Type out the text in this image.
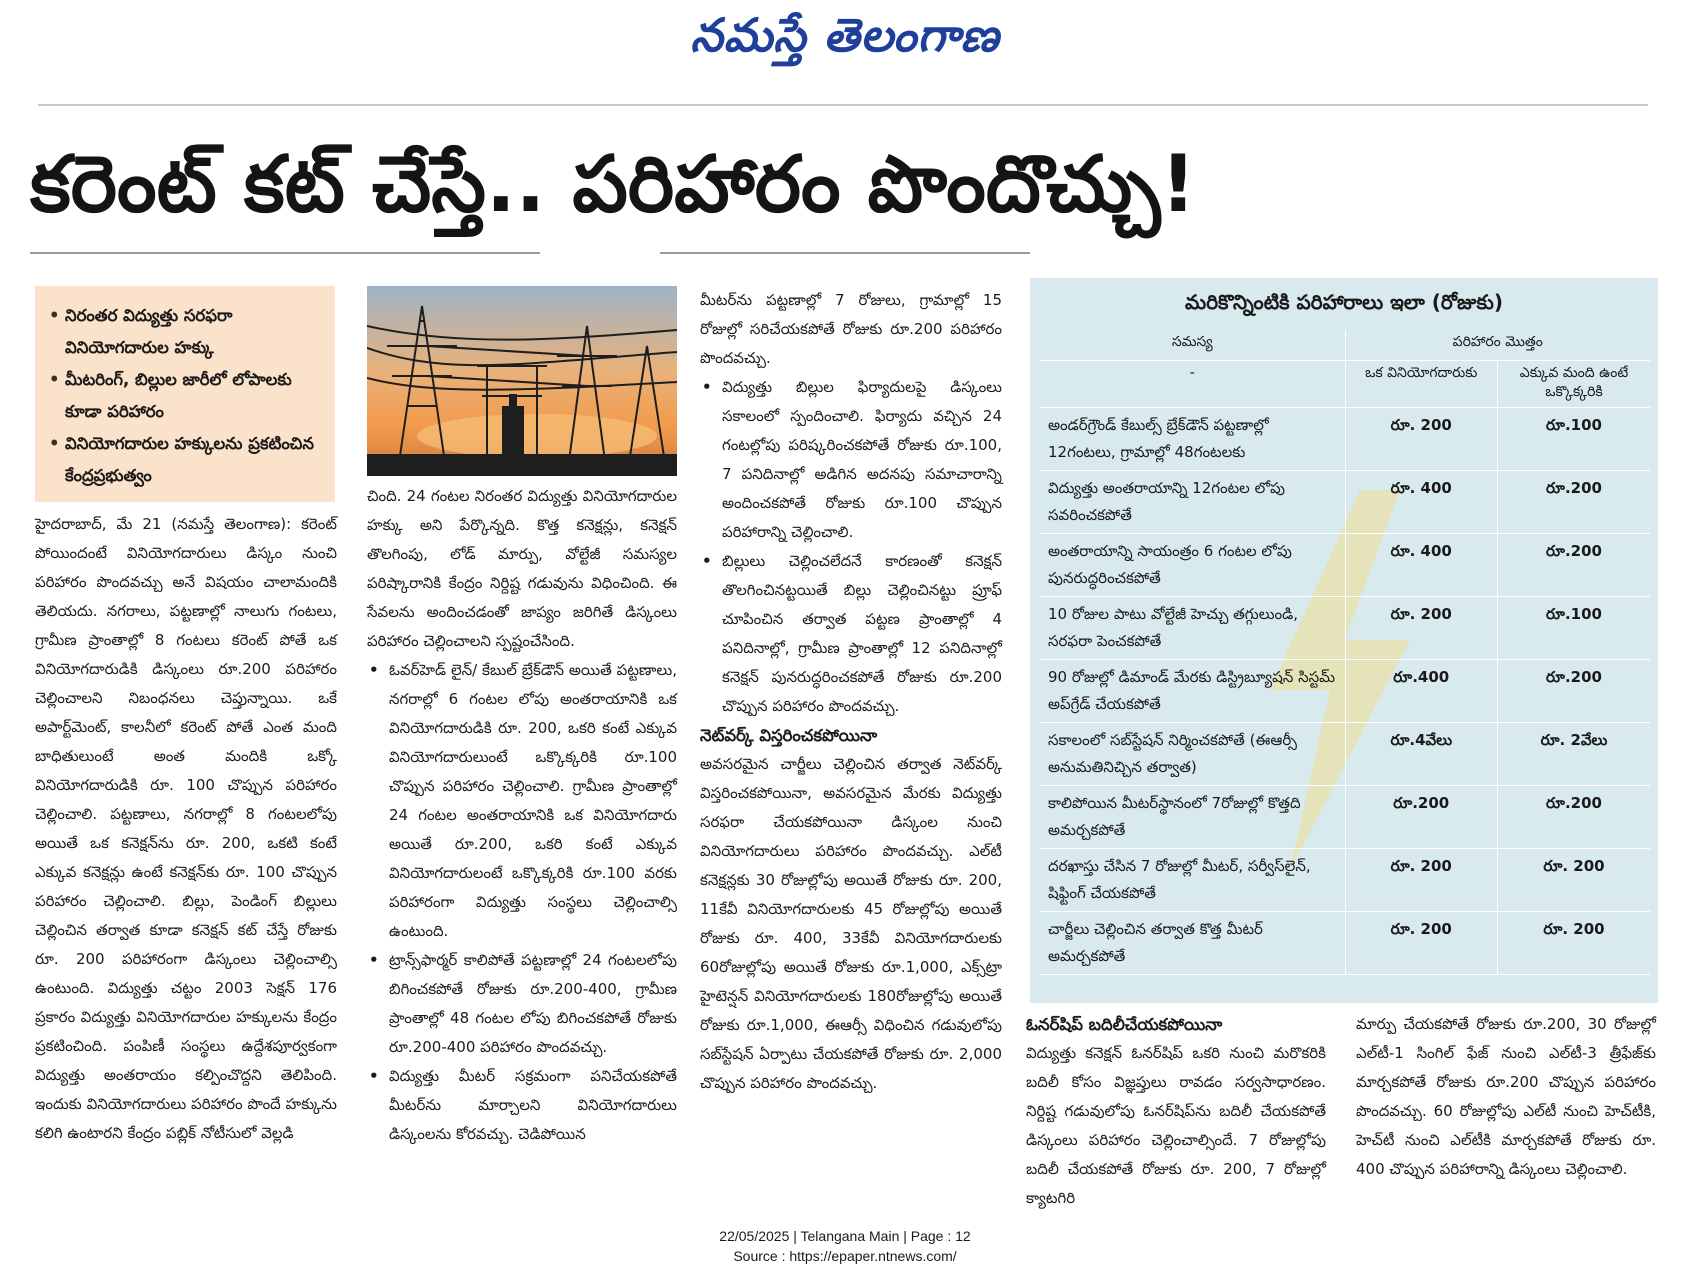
నమస్తే తెలంగాణ
కరెంట్ కట్ చేస్తే.. పరిహారం పొందొచ్చు!
• నిరంతర విద్యుత్తు సరఫరా వినియోగదారుల హక్కు
• మీటరింగ్, బిల్లుల జారీలో లోపాలకు కూడా పరిహారం
• వినియోగదారుల హక్కులను ప్రకటించిన కేంద్రప్రభుత్వం

హైదరాబాద్, మే 21 (నమస్తే తెలంగాణ): కరెంట్ పోయిందంటే వినియోగదారులు డిస్కం నుంచి పరిహారం పొందవచ్చు అనే విషయం చాలామందికి తెలియదు. నగరాలు, పట్టణాల్లో నాలుగు గంటలు, గ్రామీణ ప్రాంతాల్లో 8 గంటలు కరెంట్ పోతే ఒక వినియోగదారుడికి డిస్కంలు రూ.200 పరిహారం చెల్లించాలని నిబంధనలు చెప్తున్నాయి. ఒకే అపార్ట్‌మెంట్, కాలనీలో కరెంట్ పోతే ఎంత మంది బాధితులుంటే అంత మందికి ఒక్కో వినియోగదారుడికి రూ. 100 చొప్పున పరిహారం చెల్లించాలి. పట్టణాలు, నగరాల్లో 8 గంటలలోపు అయితే ఒక కనెక్షన్‌ను రూ. 200, ఒకటి కంటే ఎక్కువ కనెక్షన్లు ఉంటే కనెక్షన్‌కు రూ. 100 చొప్పున పరిహారం చెల్లించాలి. బిల్లు, పెండింగ్ బిల్లులు చెల్లించిన తర్వాత కూడా కనెక్షన్ కట్ చేస్తే రోజుకు రూ. 200 పరిహారంగా డిస్కంలు చెల్లించాల్సి ఉంటుంది. విద్యుత్తు చట్టం 2003 సెక్షన్ 176 ప్రకారం విద్యుత్తు వినియోగదారుల హక్కులను కేంద్రం ప్రకటించింది. పంపిణీ సంస్థలు ఉద్దేశపూర్వకంగా విద్యుత్తు అంతరాయం కల్పించొద్దని తెలిపింది. ఇందుకు వినియోగదారులు పరిహారం పొందే హక్కును కలిగి ఉంటారని కేంద్రం పబ్లిక్ నోటీసులో వెల్లడి

చింది. 24 గంటల నిరంతర విద్యుత్తు వినియోగదారుల హక్కు అని పేర్కొన్నది. కొత్త కనెక్షన్లు, కనెక్షన్ తొలగింపు, లోడ్ మార్పు, వోల్టేజీ సమస్యల పరిష్కారానికి కేంద్రం నిర్దిష్ట గడువును విధించింది. ఈ సేవలను అందించడంతో జాప్యం జరిగితే డిస్కంలు పరిహారం చెల్లించాలని స్పష్టంచేసింది.

• ఓవర్‌హెడ్ లైన్/ కేబుల్ బ్రేక్‌డౌన్ అయితే పట్టణాలు, నగరాల్లో 6 గంటల లోపు అంతరాయానికి ఒక వినియోగదారుడికి రూ. 200, ఒకరి కంటే ఎక్కువ వినియోగదారులుంటే ఒక్కొక్కరికి రూ.100 చొప్పున పరిహారం చెల్లించాలి. గ్రామీణ ప్రాంతాల్లో 24 గంటల అంతరాయానికి ఒక వినియోగదారు అయితే రూ.200, ఒకరి కంటే ఎక్కువ వినియోగదారులంటే ఒక్కొక్కరికి రూ.100 వరకు పరిహారంగా విద్యుత్తు సంస్థలు చెల్లించాల్సి ఉంటుంది.

• ట్రాన్స్‌ఫార్మర్ కాలిపోతే పట్టణాల్లో 24 గంటలలోపు బిగించకపోతే రోజుకు రూ.200-400, గ్రామీణ ప్రాంతాల్లో 48 గంటల లోపు బిగించకపోతే రోజుకు రూ.200-400 పరిహారం పొందవచ్చు.

• విద్యుత్తు మీటర్ సక్రమంగా పనిచేయకపోతే మీటర్‌ను మార్చాలని వినియోగదారులు డిస్కంలను కోరవచ్చు. చెడిపోయిన

మీటర్‌ను పట్టణాల్లో 7 రోజులు, గ్రామాల్లో 15 రోజుల్లో సరిచేయకపోతే రోజుకు రూ.200 పరిహారం పొందవచ్చు.

• విద్యుత్తు బిల్లుల ఫిర్యాదులపై డిస్కంలు సకాలంలో స్పందించాలి. ఫిర్యాదు వచ్చిన 24 గంటల్లోపు పరిష్కరించకపోతే రోజుకు రూ.100, 7 పనిదినాల్లో అడిగిన అదనపు సమాచారాన్ని అందించకపోతే రోజుకు రూ.100 చొప్పున పరిహారాన్ని చెల్లించాలి.

• బిల్లులు చెల్లించలేదనే కారణంతో కనెక్షన్ తొలగించినట్టయితే బిల్లు చెల్లించినట్టు ప్రూఫ్ చూపించిన తర్వాత పట్టణ ప్రాంతాల్లో 4 పనిదినాల్లో, గ్రామీణ ప్రాంతాల్లో 12 పనిదినాల్లో కనెక్షన్ పునరుద్ధరించకపోతే రోజుకు రూ.200 చొప్పున పరిహారం పొందవచ్చు.

నెట్‌వర్క్ విస్తరించకపోయినా

అవసరమైన చార్జీలు చెల్లించిన తర్వాత నెట్‌వర్క్ విస్తరించకపోయినా, అవసరమైన మేరకు విద్యుత్తు సరఫరా చేయకపోయినా డిస్కంల నుంచి వినియోగదారులు పరిహారం పొందవచ్చు. ఎల్‌టీ కనెక్షన్లకు 30 రోజుల్లోపు అయితే రోజుకు రూ. 200, 11కేవీ వినియోగదారులకు 45 రోజుల్లోపు అయితే రోజుకు రూ. 400, 33కేవీ వినియోగదారులకు 60రోజుల్లోపు అయితే రోజుకు రూ.1,000, ఎక్స్‌ట్రా హైటెన్షన్ వినియోగదారులకు 180రోజుల్లోపు అయితే రోజుకు రూ.1,000, ఈఆర్సీ విధించిన గడువులోపు సబ్‌స్టేషన్ ఏర్పాటు చేయకపోతే రోజుకు రూ. 2,000 చొప్పున పరిహారం పొందవచ్చు.

మరికొన్నింటికి పరిహారాలు ఇలా (రోజుకు)
సమస్య	పరిహారం మొత్తం	
-	ఒక వినియోగదారుకు	ఎక్కువ మంది ఉంటే ఒక్కొక్కరికి
అండర్‌గ్రౌండ్ కేబుల్స్ బ్రేక్‌డౌన్ పట్టణాల్లో 12గంటలు, గ్రామాల్లో 48గంటలకు	రూ. 200	రూ.100
విద్యుత్తు అంతరాయాన్ని 12గంటల లోపు సవరించకపోతే	రూ. 400	రూ.200
అంతరాయాన్ని సాయంత్రం 6 గంటల లోపు పునరుద్ధరించకపోతే	రూ. 400	రూ.200
10 రోజుల పాటు వోల్టేజీ హెచ్చు తగ్గులుండి, సరఫరా పెంచకపోతే	రూ. 200	రూ.100
90 రోజుల్లో డిమాండ్ మేరకు డిస్ట్రిబ్యూషన్ సిస్టమ్ అప్‌గ్రేడ్ చేయకపోతే	రూ.400	రూ.200
సకాలంలో సబ్‌స్టేషన్ నిర్మించకపోతే (ఈఆర్సీ అనుమతినిచ్చిన తర్వాత)	రూ.4వేలు	రూ. 2వేలు
కాలిపోయిన మీటర్‌స్థానంలో 7రోజుల్లో కొత్తది అమర్చకపోతే	రూ.200	రూ.200
దరఖాస్తు చేసిన 7 రోజుల్లో మీటర్, సర్వీస్‌లైన్, షిఫ్టింగ్ చేయకపోతే	రూ. 200	రూ. 200
చార్జీలు చెల్లించిన తర్వాత కొత్త మీటర్ అమర్చకపోతే	రూ. 200	రూ. 200

ఓనర్‌షిప్ బదిలీచేయకపోయినా

విద్యుత్తు కనెక్షన్ ఓనర్‌షిప్ ఒకరి నుంచి మరొకరికి బదిలీ కోసం విజ్ఞప్తులు రావడం సర్వసాధారణం. నిర్దిష్ట గడువులోపు ఓనర్‌షిప్‌ను బదిలీ చేయకపోతే డిస్కంలు పరిహారం చెల్లించాల్సిందే. 7 రోజుల్లోపు బదిలీ చేయకపోతే రోజుకు రూ. 200, 7 రోజుల్లో క్యాటగిరి

మార్పు చేయకపోతే రోజుకు రూ.200, 30 రోజుల్లో ఎల్‌టీ-1 సింగిల్ ఫేజ్ నుంచి ఎల్‌టీ-3 త్రీఫేజ్‌కు మార్చకపోతే రోజుకు రూ.200 చొప్పున పరిహారం పొందవచ్చు. 60 రోజుల్లోపు ఎల్‌టీ నుంచి హెచ్‌టీకి, హెచ్‌టీ నుంచి ఎల్‌టీకి మార్చకపోతే రోజుకు రూ. 400 చొప్పున పరిహారాన్ని డిస్కంలు చెల్లించాలి.

22/05/2025 | Telangana Main | Page : 12
Source : https://epaper.ntnews.com/
